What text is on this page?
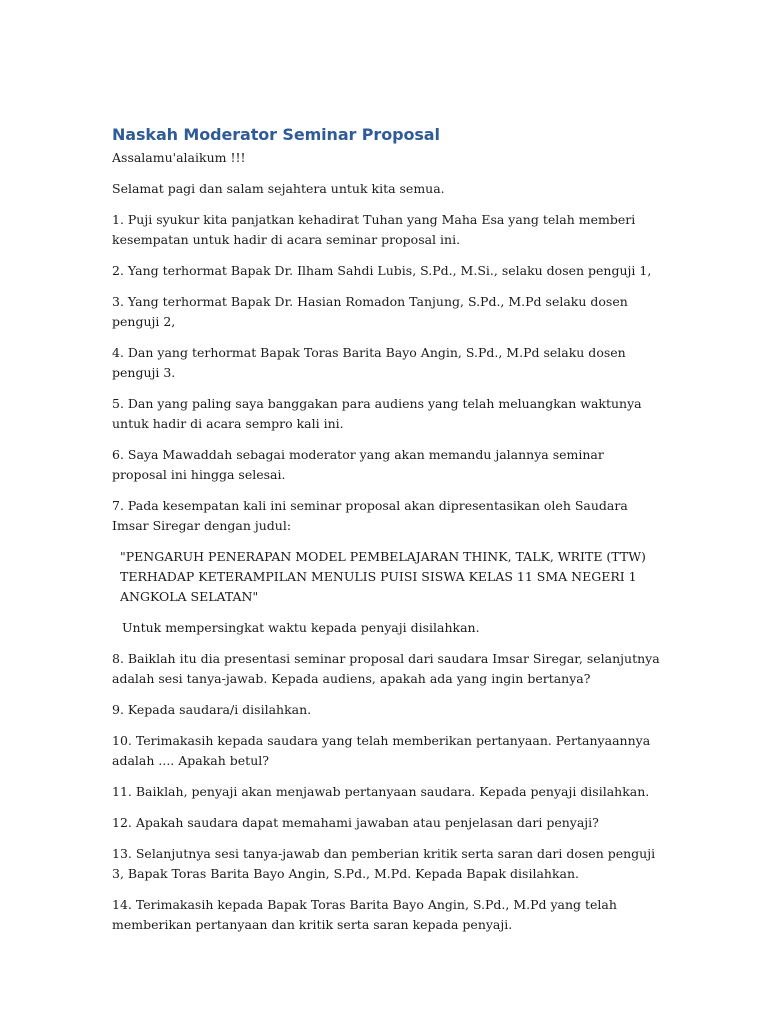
Naskah Moderator Seminar Proposal

Assalamu'alaikum !!!

Selamat pagi dan salam sejahtera untuk kita semua.

1. Puji syukur kita panjatkan kehadirat Tuhan yang Maha Esa yang telah memberi kesempatan untuk hadir di acara seminar proposal ini.

2. Yang terhormat Bapak Dr. Ilham Sahdi Lubis, S.Pd., M.Si., selaku dosen penguji 1,

3. Yang terhormat Bapak Dr. Hasian Romadon Tanjung, S.Pd., M.Pd selaku dosen penguji 2,

4. Dan yang terhormat Bapak Toras Barita Bayo Angin, S.Pd., M.Pd selaku dosen penguji 3.

5. Dan yang paling saya banggakan para audiens yang telah meluangkan waktunya untuk hadir di acara sempro kali ini.

6. Saya Mawaddah sebagai moderator yang akan memandu jalannya seminar proposal ini hingga selesai.

7. Pada kesempatan kali ini seminar proposal akan dipresentasikan oleh Saudara Imsar Siregar dengan judul:

"PENGARUH PENERAPAN MODEL PEMBELAJARAN THINK, TALK, WRITE (TTW) TERHADAP KETERAMPILAN MENULIS PUISI SISWA KELAS 11 SMA NEGERI 1 ANGKOLA SELATAN"

Untuk mempersingkat waktu kepada penyaji disilahkan.

8. Baiklah itu dia presentasi seminar proposal dari saudara Imsar Siregar, selanjutnya adalah sesi tanya-jawab. Kepada audiens, apakah ada yang ingin bertanya?

9. Kepada saudara/i disilahkan.

10. Terimakasih kepada saudara yang telah memberikan pertanyaan. Pertanyaannya adalah .... Apakah betul?

11. Baiklah, penyaji akan menjawab pertanyaan saudara. Kepada penyaji disilahkan.

12. Apakah saudara dapat memahami jawaban atau penjelasan dari penyaji?

13. Selanjutnya sesi tanya-jawab dan pemberian kritik serta saran dari dosen penguji 3, Bapak Toras Barita Bayo Angin, S.Pd., M.Pd. Kepada Bapak disilahkan.

14. Terimakasih kepada Bapak Toras Barita Bayo Angin, S.Pd., M.Pd yang telah memberikan pertanyaan dan kritik serta saran kepada penyaji.
